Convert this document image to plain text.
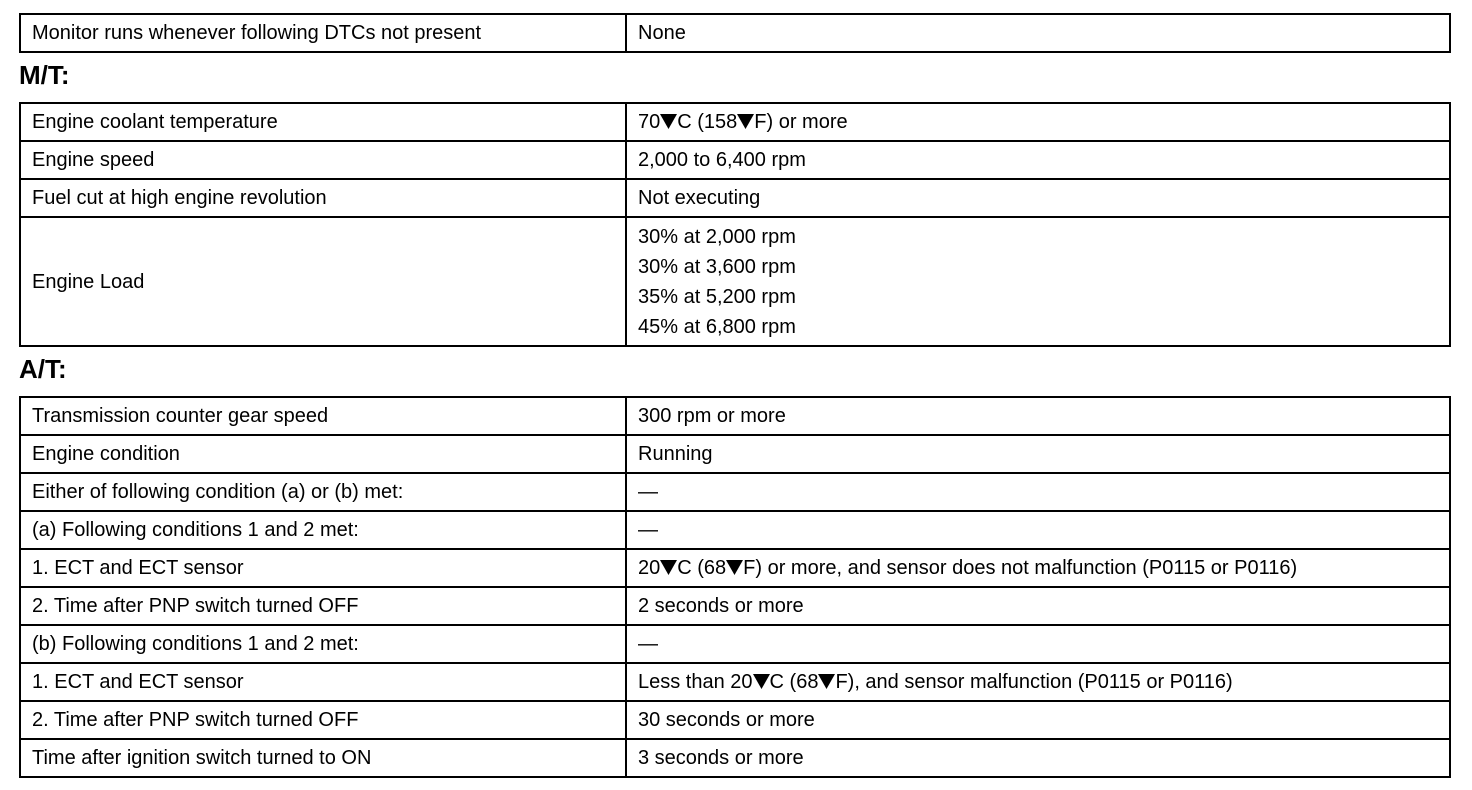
Monitor runs whenever following DTCs not present	None
M/T:
Engine coolant temperature	70 C (158 F) or more
Engine speed	2,000 to 6,400 rpm
Fuel cut at high engine revolution	Not executing
Engine Load	30% at 2,000 rpm
30% at 3,600 rpm
35% at 5,200 rpm
45% at 6,800 rpm
A/T:
Transmission counter gear speed	300 rpm or more
Engine condition	Running
Either of following condition (a) or (b) met:	—
(a) Following conditions 1 and 2 met:	—
1. ECT and ECT sensor	20 C (68 F) or more, and sensor does not malfunction (P0115 or P0116)
2. Time after PNP switch turned OFF	2 seconds or more
(b) Following conditions 1 and 2 met:	—
1. ECT and ECT sensor	Less than 20 C (68 F), and sensor malfunction (P0115 or P0116)
2. Time after PNP switch turned OFF	30 seconds or more
Time after ignition switch turned to ON	3 seconds or more
